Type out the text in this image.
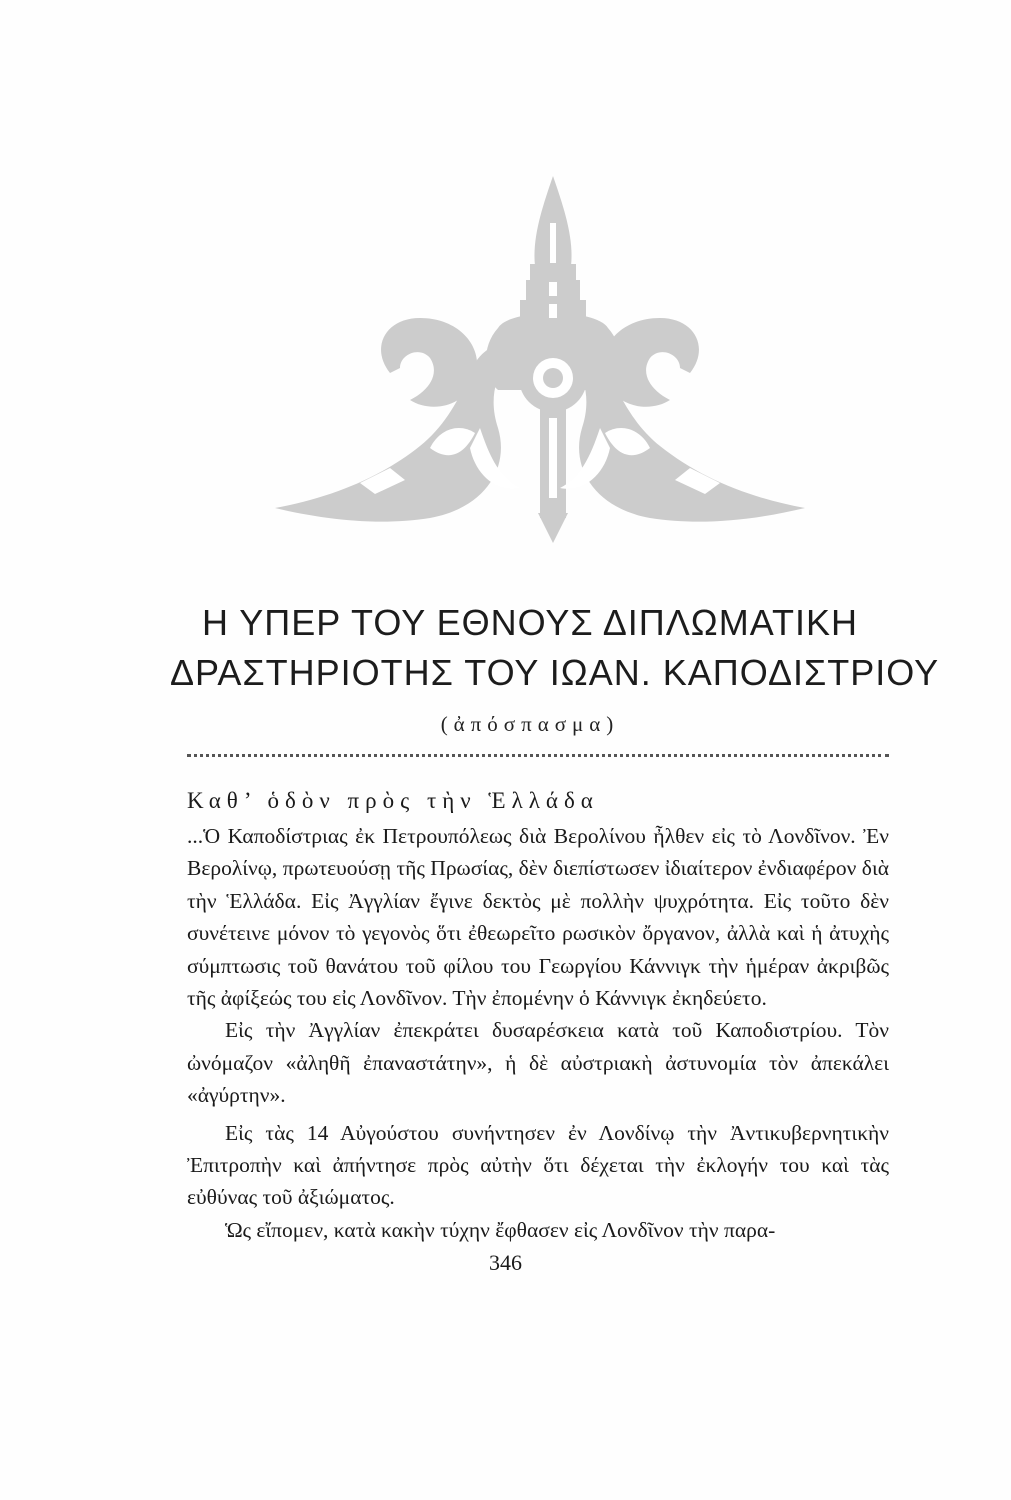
Η ΥΠΕΡ ΤΟΥ ΕΘΝΟΥΣ ΔΙΠΛΩΜΑΤΙΚΗ
ΔΡΑΣΤΗΡΙΟΤΗΣ ΤΟΥ ΙΩΑΝ. ΚΑΠΟΔΙΣΤΡΙΟΥ
(ἀπόσπασμα)
Καθ’ ὁδὸν πρὸς τὴν Ἑλλάδα

...Ὁ Καποδίστριας ἐκ Πετρουπόλεως διὰ Βερολίνου ἦλθεν εἰς τὸ Λονδῖνον. Ἐν Βερολίνῳ, πρωτευούσῃ τῆς Πρωσίας, δὲν διεπίστωσεν ἰδιαίτερον ἐνδιαφέρον διὰ τὴν Ἑλλάδα. Εἰς Ἀγγλίαν ἔγινε δεκτὸς μὲ πολλὴν ψυχρότητα. Εἰς τοῦτο δὲν συνέτεινε μόνον τὸ γεγονὸς ὅτι ἐθεωρεῖτο ρωσικὸν ὄργανον, ἀλλὰ καὶ ἡ ἀτυχὴς σύμπτωσις τοῦ θανάτου τοῦ φίλου του Γεωργίου Κάννιγκ τὴν ἡμέραν ἀκριβῶς τῆς ἀφίξεώς του εἰς Λονδῖνον. Τὴν ἐπομένην ὁ Κάννιγκ ἐκηδεύετο.

Εἰς τὴν Ἀγγλίαν ἐπεκράτει δυσαρέσκεια κατὰ τοῦ Καποδιστρίου. Τὸν ὠνόμαζον «ἀληθῆ ἐπαναστάτην», ἡ δὲ αὐστριακὴ ἀστυνομία τὸν ἀπεκάλει «ἀγύρτην».

Εἰς τὰς 14 Αὐγούστου συνήντησεν ἐν Λονδίνῳ τὴν Ἀντικυβερνητικὴν Ἐπιτροπὴν καὶ ἀπήντησε πρὸς αὐτὴν ὅτι δέχεται τὴν ἐκλογήν του καὶ τὰς εὐθύνας τοῦ ἀξιώματος.

Ὡς εἴπομεν, κατὰ κακὴν τύχην ἔφθασεν εἰς Λονδῖνον τὴν παρα-

346
